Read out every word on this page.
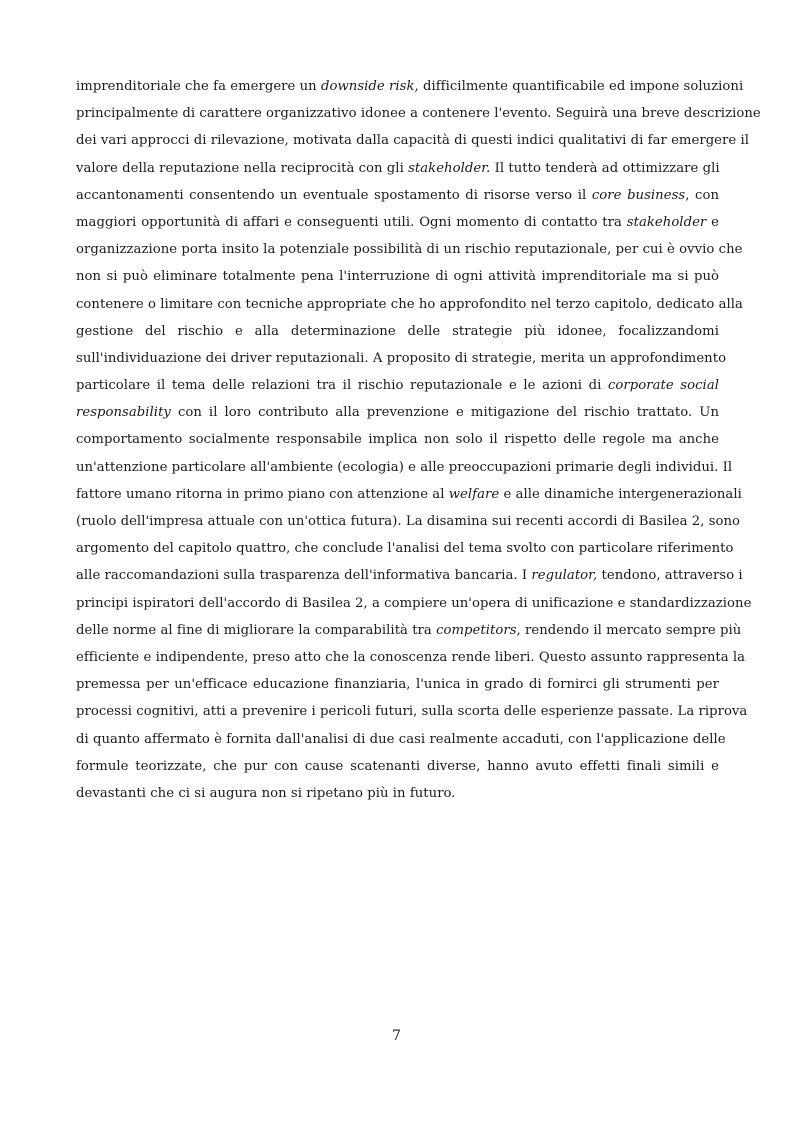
imprenditoriale che fa emergere un downside risk, difficilmente quantificabile ed impone soluzioni
principalmente di carattere organizzativo idonee a contenere l'evento. Seguirà una breve descrizione
dei vari approcci di rilevazione, motivata dalla capacità di questi indici qualitativi di far emergere il
valore della reputazione nella reciprocità con gli stakeholder. Il tutto tenderà ad ottimizzare gli
accantonamenti consentendo un eventuale spostamento di risorse verso il core business, con
maggiori opportunità di affari e conseguenti utili. Ogni momento di contatto tra stakeholder e
organizzazione porta insito la potenziale possibilità di un rischio reputazionale, per cui è ovvio che
non si può eliminare totalmente pena l'interruzione di ogni attività imprenditoriale ma si può
contenere o limitare con tecniche appropriate che ho approfondito nel terzo capitolo, dedicato alla
gestione del rischio e alla determinazione delle strategie più idonee, focalizzandomi
sull'individuazione dei driver reputazionali. A proposito di strategie, merita un approfondimento
particolare il tema delle relazioni tra il rischio reputazionale e le azioni di corporate social
responsability con il loro contributo alla prevenzione e mitigazione del rischio trattato. Un
comportamento socialmente responsabile implica non solo il rispetto delle regole ma anche
un'attenzione particolare all'ambiente (ecologia) e alle preoccupazioni primarie degli individui. Il
fattore umano ritorna in primo piano con attenzione al welfare e alle dinamiche intergenerazionali
(ruolo dell'impresa attuale con un'ottica futura). La disamina sui recenti accordi di Basilea 2, sono
argomento del capitolo quattro, che conclude l'analisi del tema svolto con particolare riferimento
alle raccomandazioni sulla trasparenza dell'informativa bancaria. I regulator, tendono, attraverso i
principi ispiratori dell'accordo di Basilea 2, a compiere un'opera di unificazione e standardizzazione
delle norme al fine di migliorare la comparabilità tra competitors, rendendo il mercato sempre più
efficiente e indipendente, preso atto che la conoscenza rende liberi. Questo assunto rappresenta la
premessa per un'efficace educazione finanziaria, l'unica in grado di fornirci gli strumenti per
processi cognitivi, atti a prevenire i pericoli futuri, sulla scorta delle esperienze passate. La riprova
di quanto affermato è fornita dall'analisi di due casi realmente accaduti, con l'applicazione delle
formule teorizzate, che pur con cause scatenanti diverse, hanno avuto effetti finali simili e
devastanti che ci si augura non si ripetano più in futuro.
7
